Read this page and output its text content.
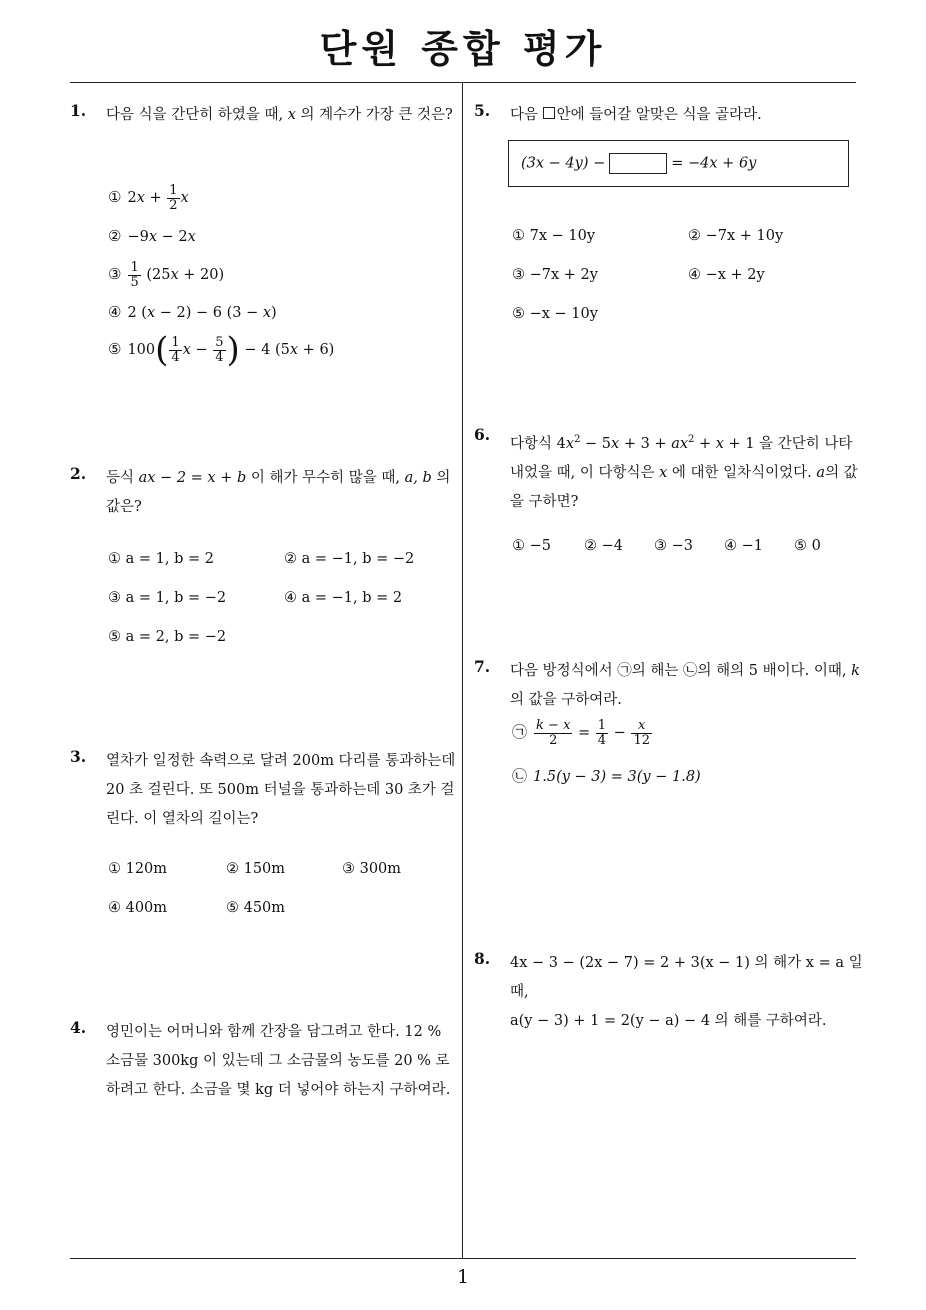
단원 종합 평가
1
1. 다음 식을 간단히 하였을 때, x 의 계수가 가장 큰 것은?
① $2x + \frac{1}{2}$ x
② −9x − 2x
③ $\frac{1}{5} (25x + 20)$
④ 2 (x − 2) − 6 (3 − x)
⑤ $100( \frac{1}{4}$ $x - \frac{5}{4}$ ) − 4 (5x + 6)
2. 등식 ax − 2 = x + b 이 해가 무수히 많을 때, a, b 의 값은?
① a = 1, b = 2	② a = −1, b = −2
③ a = 1, b = −2	④ a = −1, b = 2
⑤ a = 2, b = −2
3. 열차가 일정한 속력으로 달려 200m 다리를 통과하는데 20 초 걸린다. 또 500m 터널을 통과하는데 30 초가 걸린다. 이 열차의 길이는?
① 120m	② 150m	③ 300m
④ 400m	⑤ 450m
4. 영민이는 어머니와 함께 간장을 담그려고 한다. 12 % 소금물 300kg 이 있는데 그 소금물의 농도를 20 % 로 하려고 한다. 소금을 몇 kg 더 넣어야 하는지 구하여라.
5. 다음 안에 들어갈 알맞은 식을 골라라.
(3x − 4y) −	= −4x + 6y
① 7x − 10y	② −7x + 10y
③ −7x + 2y	④ −x + 2y
⑤ −x − 10y
6. 다항식 $4x^2 - 5x + 3 + ax^2 + x + 1$ 을 간단히 나타내었을 때, 이 다항식은 x 에 대한 일차식이었다. a의 값을 구하면?
① −5 ② −4 ③ −3 ④ −1 ⑤ 0
7. 다음 방정식에서 ㉠의 해는 ㉡의 해의 5 배이다. 이때, k 의 값을 구하여라.
㉠ $\frac{k - x}{2} = \frac{1}{4} - \frac{x}{12}$
㉡ 1.5(y − 3) = 3(y − 1.8)
8. 4x − 3 − (2x − 7) = 2 + 3(x − 1) 의 해가 x = a 일 때,
a(y − 3) + 1 = 2(y − a) − 4 의 해를 구하여라.
